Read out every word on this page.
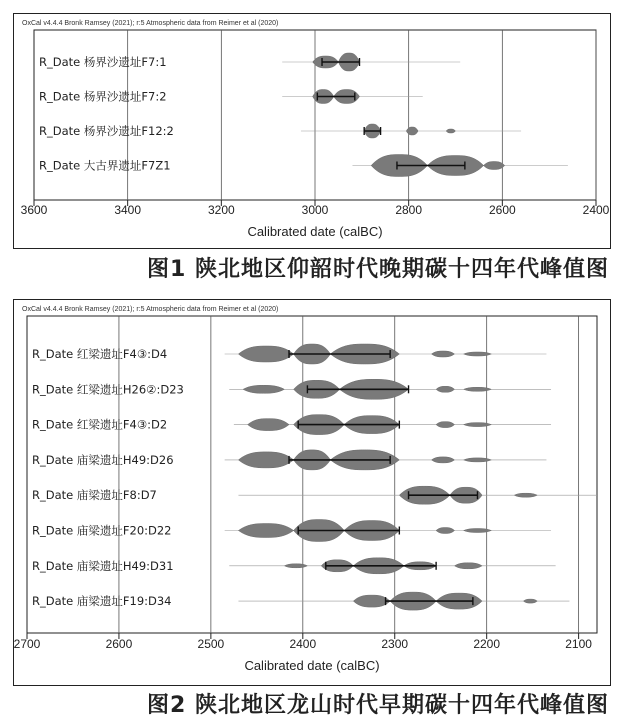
OxCal v4.4.4 Bronk Ramsey (2021); r:5 Atmospheric data from Reimer et al (2020)
3600	3400	3200	3000	2800	2600	2400
Calibrated date (calBC)
R_Date 杨界沙遗址F7:1
R_Date 杨界沙遗址F7:2
R_Date 杨界沙遗址F12:2
R_Date 大古界遗址F7Z1
图1 陕北地区仰韶时代晚期碳十四年代峰值图
OxCal v4.4.4 Bronk Ramsey (2021); r:5 Atmospheric data from Reimer et al (2020)
2700	2600	2500	2400	2300	2200	2100
Calibrated date (calBC)
R_Date 红梁遗址F4③:D4
R_Date 红梁遗址H26②:D23
R_Date 红梁遗址F4③:D2
R_Date 庙梁遗址H49:D26
R_Date 庙梁遗址F8:D7
R_Date 庙梁遗址F20:D22
R_Date 庙梁遗址H49:D31
R_Date 庙梁遗址F19:D34
图2 陕北地区龙山时代早期碳十四年代峰值图
